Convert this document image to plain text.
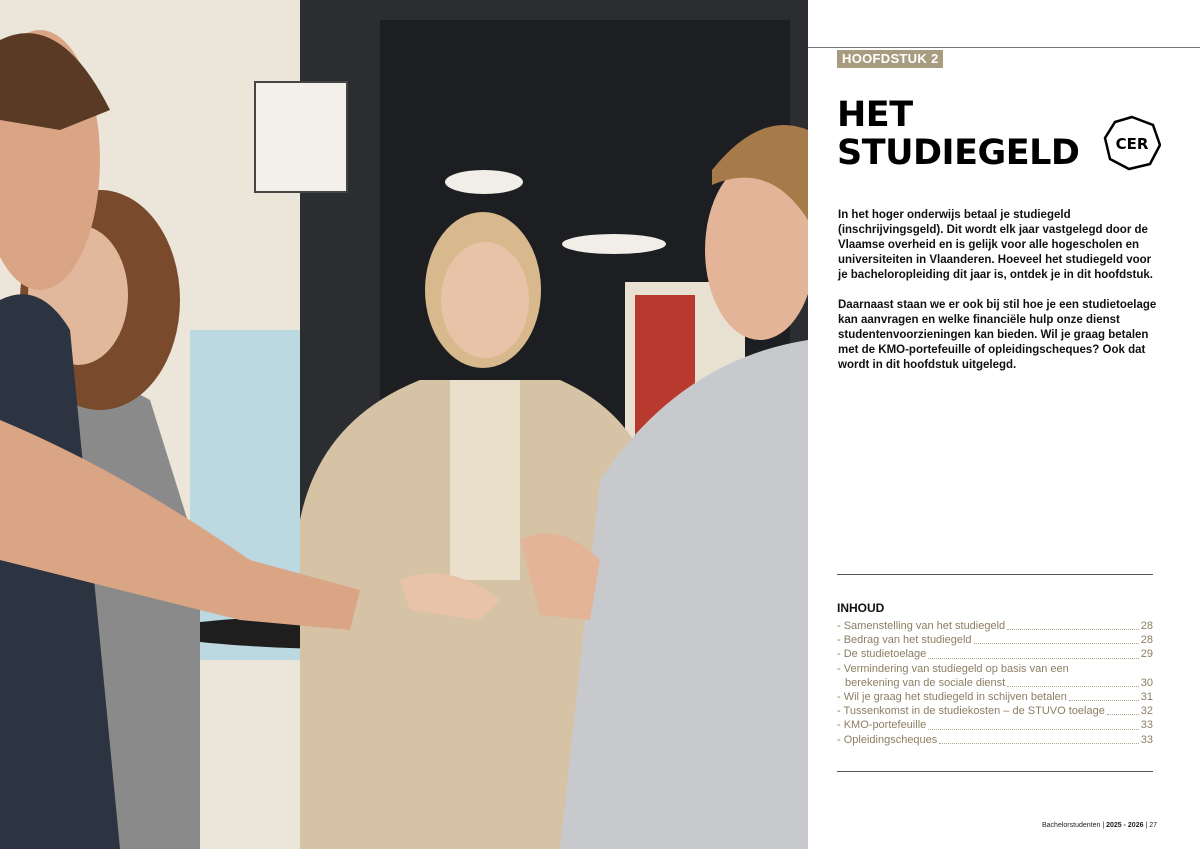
HOOFDSTUK 2
HET
STUDIEGELD CER

In het hoger onderwijs betaal je studiegeld (inschrijvingsgeld). Dit wordt elk jaar vastgelegd door de Vlaamse overheid en is gelijk voor alle hogescholen en universiteiten in Vlaanderen. Hoeveel het studiegeld voor je bacheloropleiding dit jaar is, ontdek je in dit hoofdstuk.

Daarnaast staan we er ook bij stil hoe je een studietoelage kan aanvragen en welke financiële hulp onze dienst studentenvoorzieningen kan bieden. Wil je graag betalen met de KMO-portefeuille of opleidingscheques? Ook dat wordt in dit hoofdstuk uitgelegd.

INHOUD
- Samenstelling van het studiegeld	28
- Bedrag van het studiegeld	28
- De studietoelage	29
- Vermindering van studiegeld op basis van een
berekening van de sociale dienst	30
- Wil je graag het studiegeld in schijven betalen	31
- Tussenkomst in de studiekosten – de STUVO toelage	32
- KMO-portefeuille	33
- Opleidingscheques	33
Bachelorstudenten | 2025 - 2026 | 27
